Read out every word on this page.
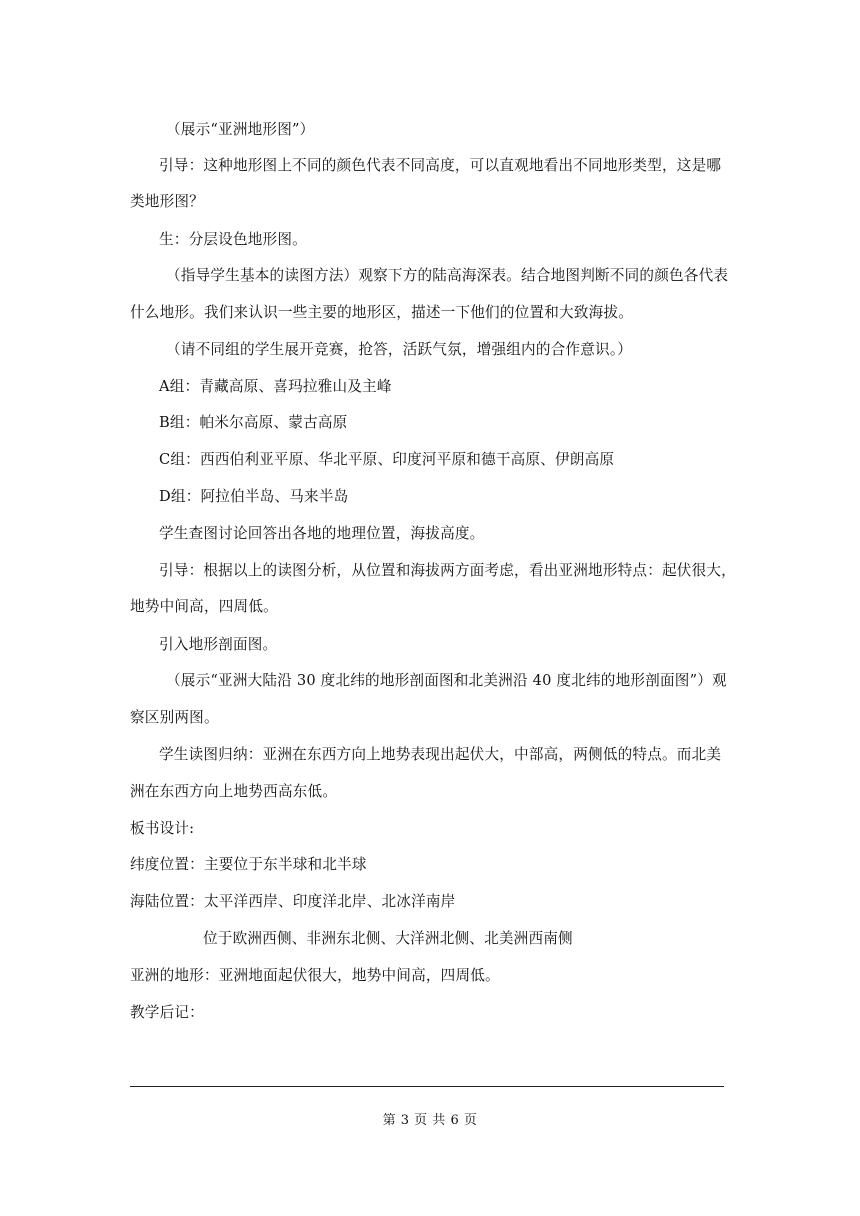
（展示“亚洲地形图”）
引导：这种地形图上不同的颜色代表不同高度，可以直观地看出不同地形类型，这是哪
类地形图？
生：分层设色地形图。
（指导学生基本的读图方法）观察下方的陆高海深表。结合地图判断不同的颜色各代表
什么地形。我们来认识一些主要的地形区，描述一下他们的位置和大致海拔。
（请不同组的学生展开竞赛，抢答，活跃气氛，增强组内的合作意识。）
A组：青藏高原、喜玛拉雅山及主峰
B组：帕米尔高原、蒙古高原
C组：西西伯利亚平原、华北平原、印度河平原和德干高原、伊朗高原
D组：阿拉伯半岛、马来半岛
学生查图讨论回答出各地的地理位置，海拔高度。
引导：根据以上的读图分析，从位置和海拔两方面考虑，看出亚洲地形特点：起伏很大，
地势中间高，四周低。
引入地形剖面图。
（展示“亚洲大陆沿 30 度北纬的地形剖面图和北美洲沿 40 度北纬的地形剖面图”）观
察区别两图。
学生读图归纳：亚洲在东西方向上地势表现出起伏大，中部高，两侧低的特点。而北美
洲在东西方向上地势西高东低。
板书设计:
纬度位置：主要位于东半球和北半球
海陆位置：太平洋西岸、印度洋北岸、北冰洋南岸
位于欧洲西侧、非洲东北侧、大洋洲北侧、北美洲西南侧
亚洲的地形：亚洲地面起伏很大，地势中间高，四周低。
教学后记：
第 3 页 共 6 页
